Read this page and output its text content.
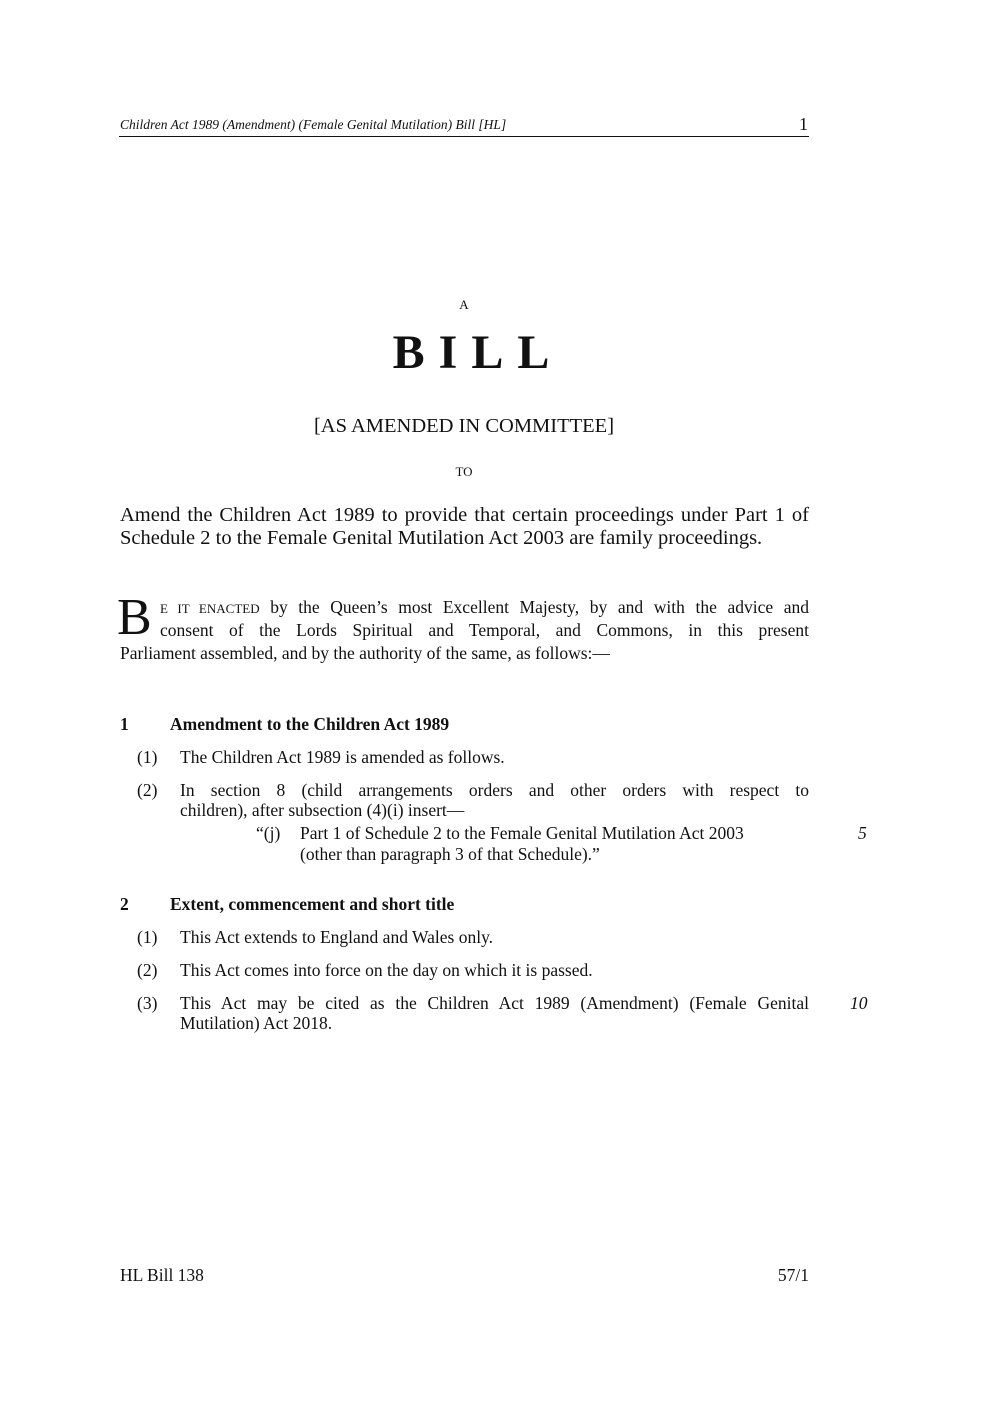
Children Act 1989 (Amendment) (Female Genital Mutilation) Bill [HL]	1
A
BILL
[AS AMENDED IN COMMITTEE]
TO
Amend the Children Act 1989 to provide that certain proceedings under Part 1 of
Schedule 2 to the Female Genital Mutilation Act 2003 are family proceedings.
B E IT ENACTED by the Queen’s most Excellent Majesty, by and with the advice and
consent of the Lords Spiritual and Temporal, and Commons, in this present
Parliament assembled, and by the authority of the same, as follows:—
1 Amendment to the Children Act 1989
(1) The Children Act 1989 is amended as follows.
(2) In section 8 (child arrangements orders and other orders with respect to
children), after subsection (4)(i) insert—
“(j) Part 1 of Schedule 2 to the Female Genital Mutilation Act 2003
(other than paragraph 3 of that Schedule).”
5
2 Extent, commencement and short title
(1) This Act extends to England and Wales only.
(2) This Act comes into force on the day on which it is passed.
(3) This Act may be cited as the Children Act 1989 (Amendment) (Female Genital
Mutilation) Act 2018.
10
HL Bill 138	57/1
